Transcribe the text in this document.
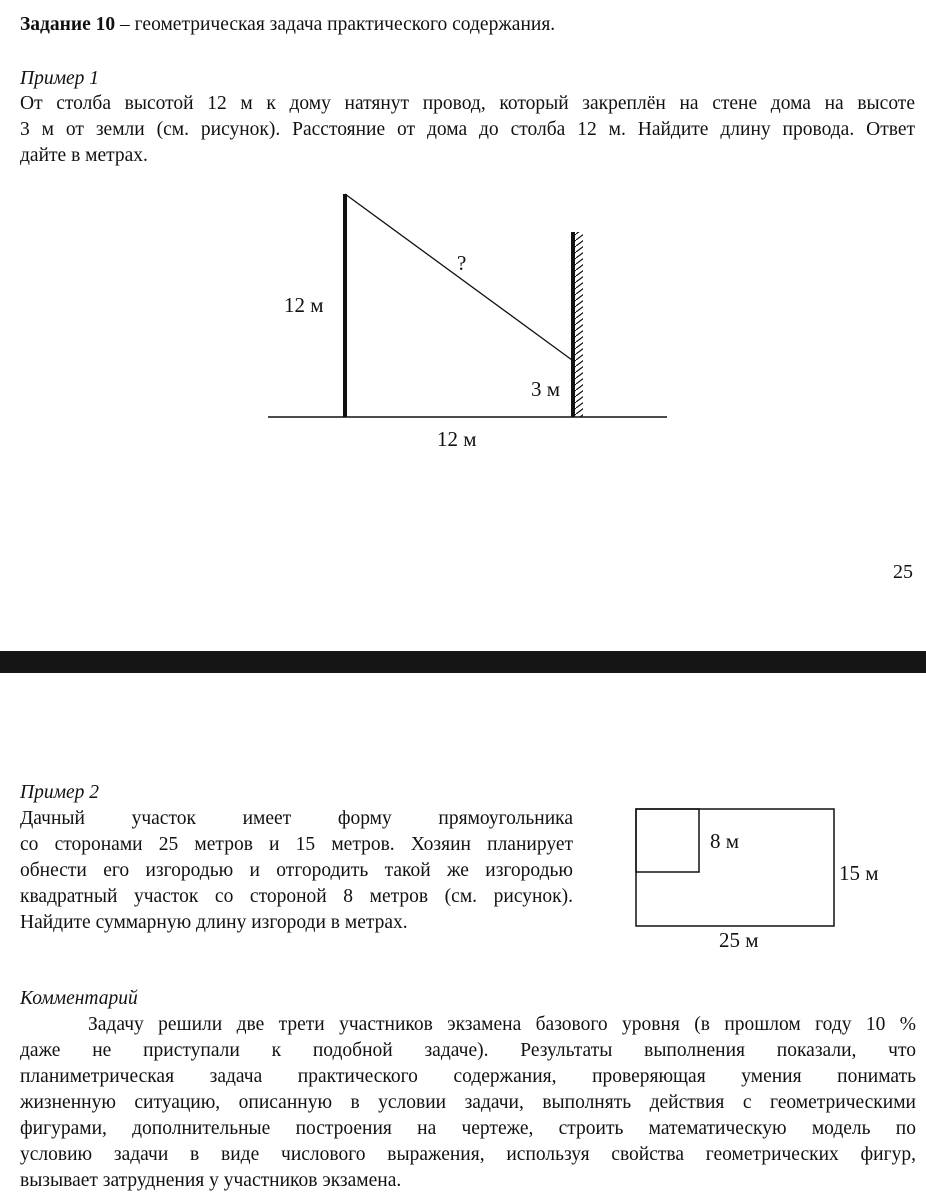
Задание 10 – геометрическая задача практического содержания.
Пример 1
От столба высотой 12 м к дому натянут провод, который закреплён на стене дома на высоте
3 м от земли (см. рисунок). Расстояние от дома до столба 12 м. Найдите длину провода. Ответ
дайте в метрах.
12 м
?
3 м
12 м
8 м
15 м
25 м
25
Пример 2
Дачный участок имеет форму прямоугольника
со сторонами 25 метров и 15 метров. Хозяин планирует
обнести его изгородью и отгородить такой же изгородью
квадратный участок со стороной 8 метров (см. рисунок).
Найдите суммарную длину изгороди в метрах.
Комментарий
Задачу решили две трети участников экзамена базового уровня (в прошлом году 10 %
даже не приступали к подобной задаче). Результаты выполнения показали, что
планиметрическая задача практического содержания, проверяющая умения понимать
жизненную ситуацию, описанную в условии задачи, выполнять действия с геометрическими
фигурами, дополнительные построения на чертеже, строить математическую модель по
условию задачи в виде числового выражения, используя свойства геометрических фигур,
вызывает затруднения у участников экзамена.
